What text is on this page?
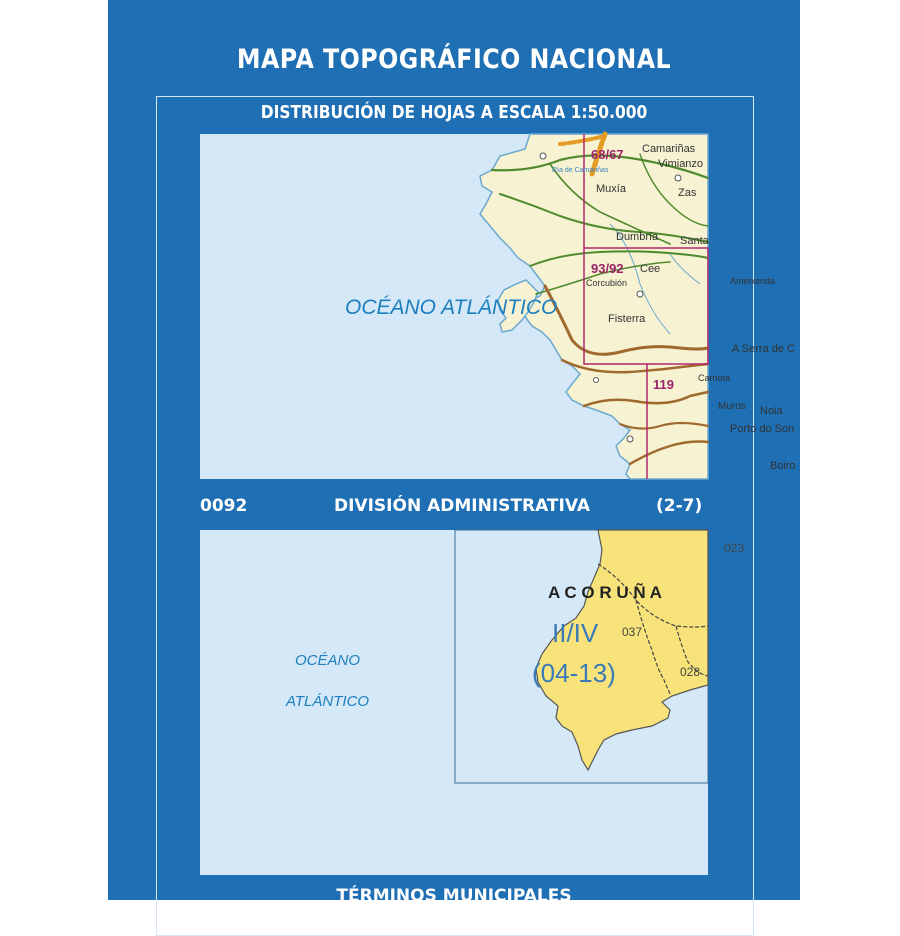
MAPA TOPOGRÁFICO NACIONAL
DISTRIBUCIÓN DE HOJAS A ESCALA 1:50.000
OCÉANO ATLÁNTICO
68/67
93/92
119
Camariñas
Vimianzo
Zas
Muxía
Dumbría Santa
Cee
Corcubión
Fisterra
Ameixenda
A Serra de C
Carnota
Muros Noia
Porto do Son
Boiro
Ría de Camariñas
0092	DIVISIÓN ADMINISTRATIVA	(2-7)
A C O R U Ñ A
023
037
028
II/IV
(04-13)
OCÉANO
ATLÁNTICO
TÉRMINOS MUNICIPALES
